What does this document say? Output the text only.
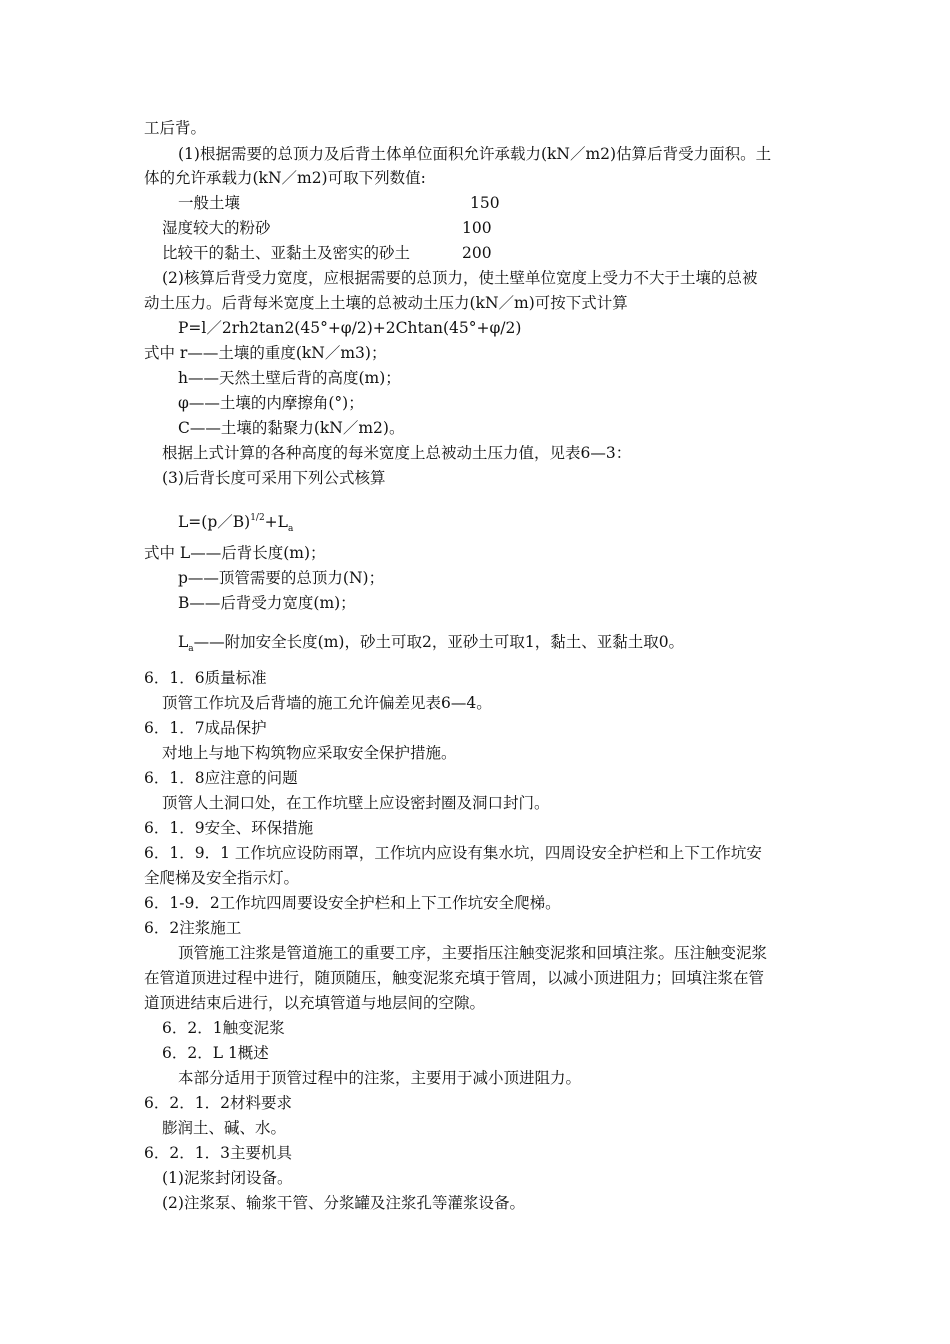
工后背。
(1)根据需要的总顶力及后背土体单位面积允许承载力(kN／m2)估算后背受力面积。土
体的允许承载力(kN／m2)可取下列数值:
一般土壤	150
湿度较大的粉砂	100
比较干的黏土、亚黏土及密实的砂土	200
(2)核算后背受力宽度，应根据需要的总顶力，使土壁单位宽度上受力不大于土壤的总被
动土压力。后背每米宽度上土壤的总被动土压力(kN／m)可按下式计算
P=l／2rh2tan2(45°+φ/2)+2Chtan(45°+φ/2)
式中 r——土壤的重度(kN／m3)；
h——天然土壁后背的高度(m)；
φ——土壤的内摩擦角(°)；
C——土壤的黏聚力(kN／m2)。
根据上式计算的各种高度的每米宽度上总被动土压力值，见表6—3：
(3)后背长度可采用下列公式核算
$L=(p/B)^{1/2}+L_a$
式中 L——后背长度(m)；
p——顶管需要的总顶力(N)；
B——后背受力宽度(m)；
$L_a——$附加安全长度(m)，砂土可取2，亚砂土可取1，黏土、亚黏土取0。
6．1．6质量标准
顶管工作坑及后背墙的施工允许偏差见表6—4。
6．1．7成品保护
对地上与地下构筑物应采取安全保护措施。
6．1．8应注意的问题
顶管人土洞口处，在工作坑壁上应设密封圈及洞口封门。
6．1．9安全、环保措施
6．1．9．1 工作坑应设防雨罩，工作坑内应设有集水坑，四周设安全护栏和上下工作坑安
全爬梯及安全指示灯。
6．1-9．2工作坑四周要设安全护栏和上下工作坑安全爬梯。
6．2注浆施工
顶管施工注浆是管道施工的重要工序，主要指压注触变泥浆和回填注浆。压注触变泥浆
在管道顶进过程中进行，随顶随压，触变泥浆充填于管周，以减小顶进阻力；回填注浆在管
道顶进结束后进行，以充填管道与地层间的空隙。
6．2．1触变泥浆
6．2．L 1概述
本部分适用于顶管过程中的注浆，主要用于减小顶进阻力。
6．2．1．2材料要求
膨润土、碱、水。
6．2．1．3主要机具
(1)泥浆封闭设备。
(2)注浆泵、输浆干管、分浆罐及注浆孔等灌浆设备。
